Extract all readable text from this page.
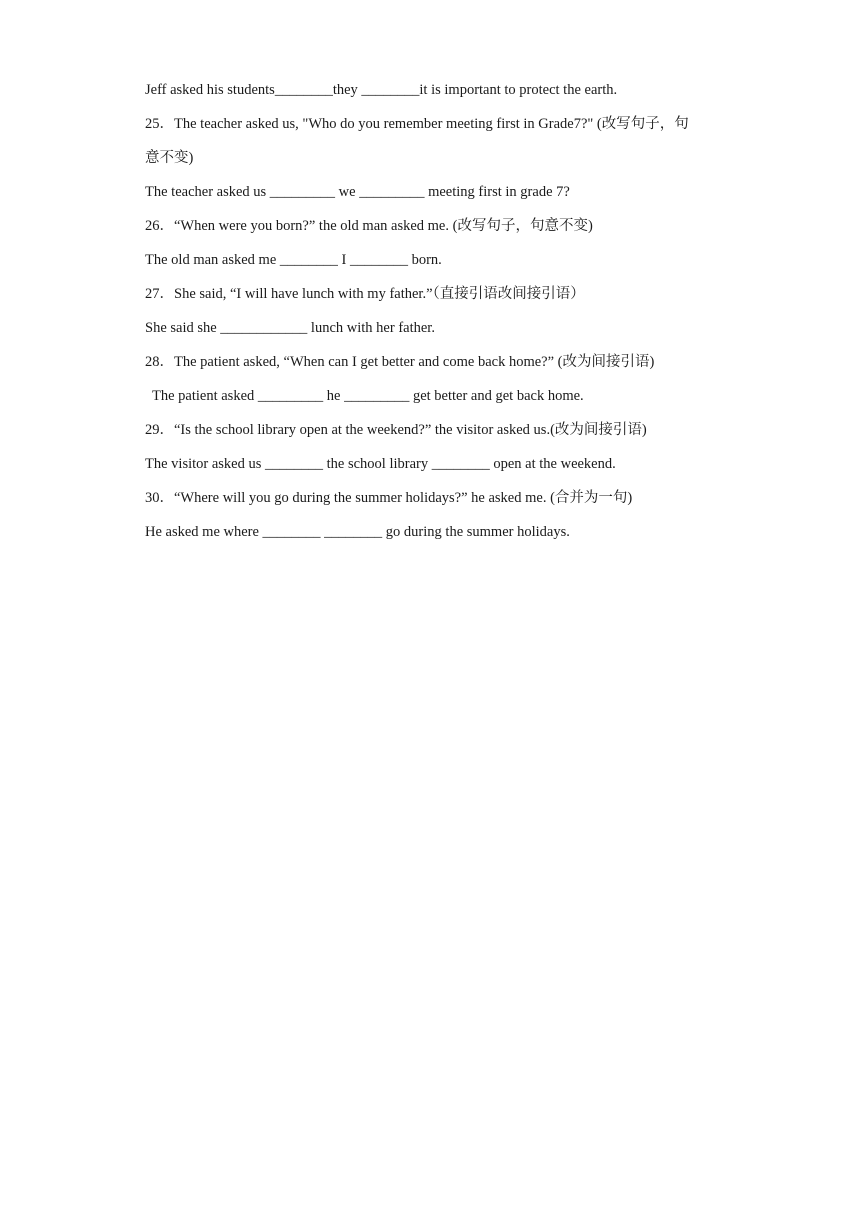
Jeff asked his students________they ________it is important to protect the earth.
25．The teacher asked us, "Who do you remember meeting first in Grade7?" (改写句子，句
意不变)
The teacher asked us _________ we _________ meeting first in grade 7?
26．“When were you born?” the old man asked me. (改写句子，句意不变)
The old man asked me ________ I ________ born.
27．She said, “I will have lunch with my father.”（直接引语改间接引语）
She said she ____________ lunch with her father.
28．The patient asked, “When can I get better and come back home?” (改为间接引语)
The patient asked _________ he _________ get better and get back home.
29．“Is the school library open at the weekend?” the visitor asked us.(改为间接引语)
The visitor asked us ________ the school library ________ open at the weekend.
30．“Where will you go during the summer holidays?” he asked me. (合并为一句)
He asked me where ________ ________ go during the summer holidays.
